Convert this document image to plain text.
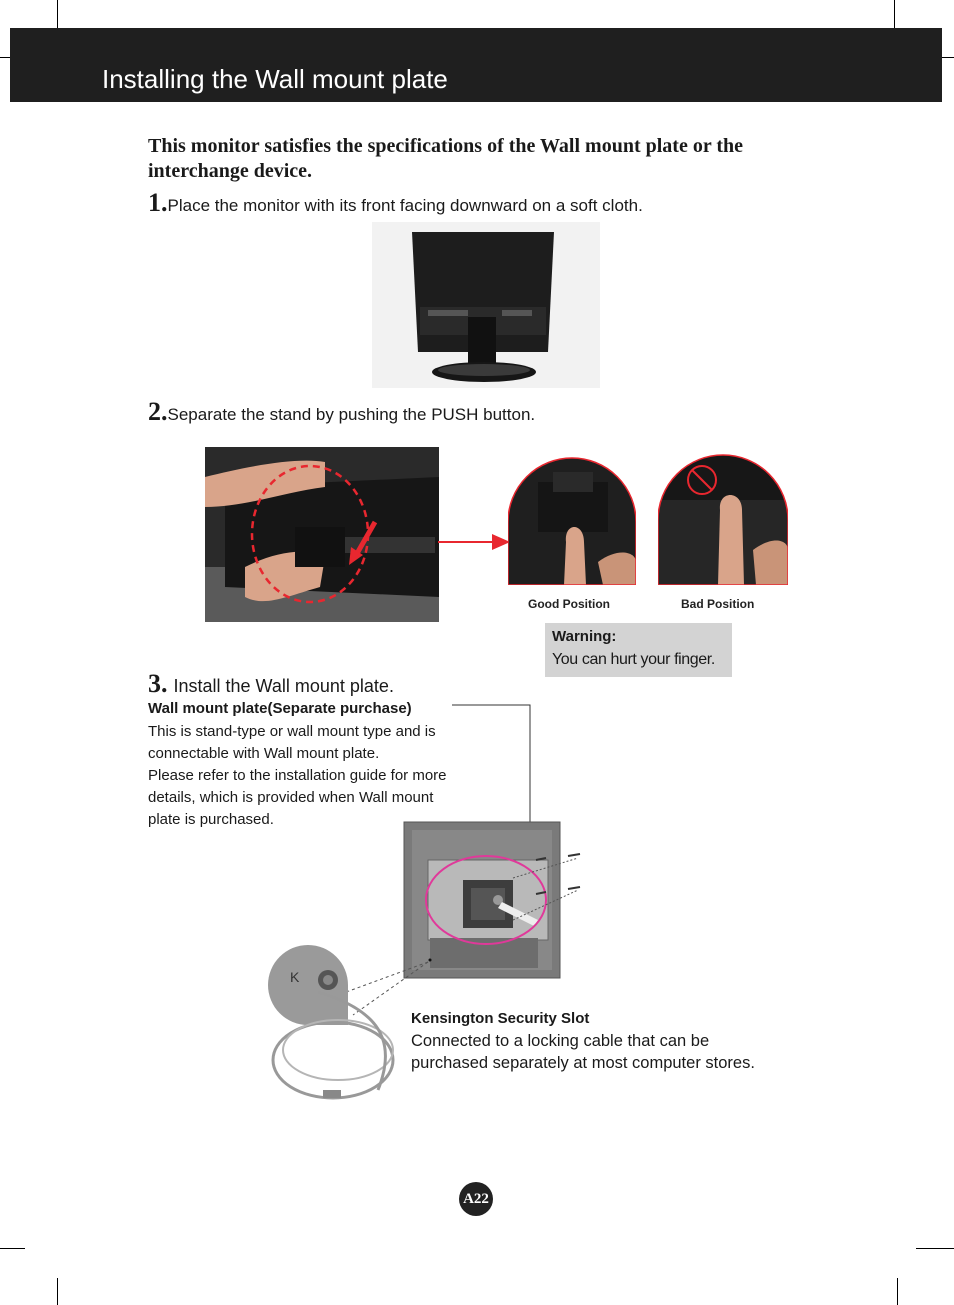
Installing the Wall mount plate
This monitor satisfies the specifications of the Wall mount plate or the interchange device.
1.Place the monitor with its front facing downward on a soft cloth.
2.Separate the stand by pushing the PUSH button.
Good Position	Bad Position
Warning:
You can hurt your finger.
3. Install the Wall mount plate.
Wall mount plate(Separate purchase)
This is stand-type or wall mount type and is
connectable with Wall mount plate.
Please refer to the installation guide for more
details, which is provided when Wall mount
plate is purchased.
K
Kensington Security Slot
Connected to a locking cable that can be
purchased separately at most computer stores.
A22
